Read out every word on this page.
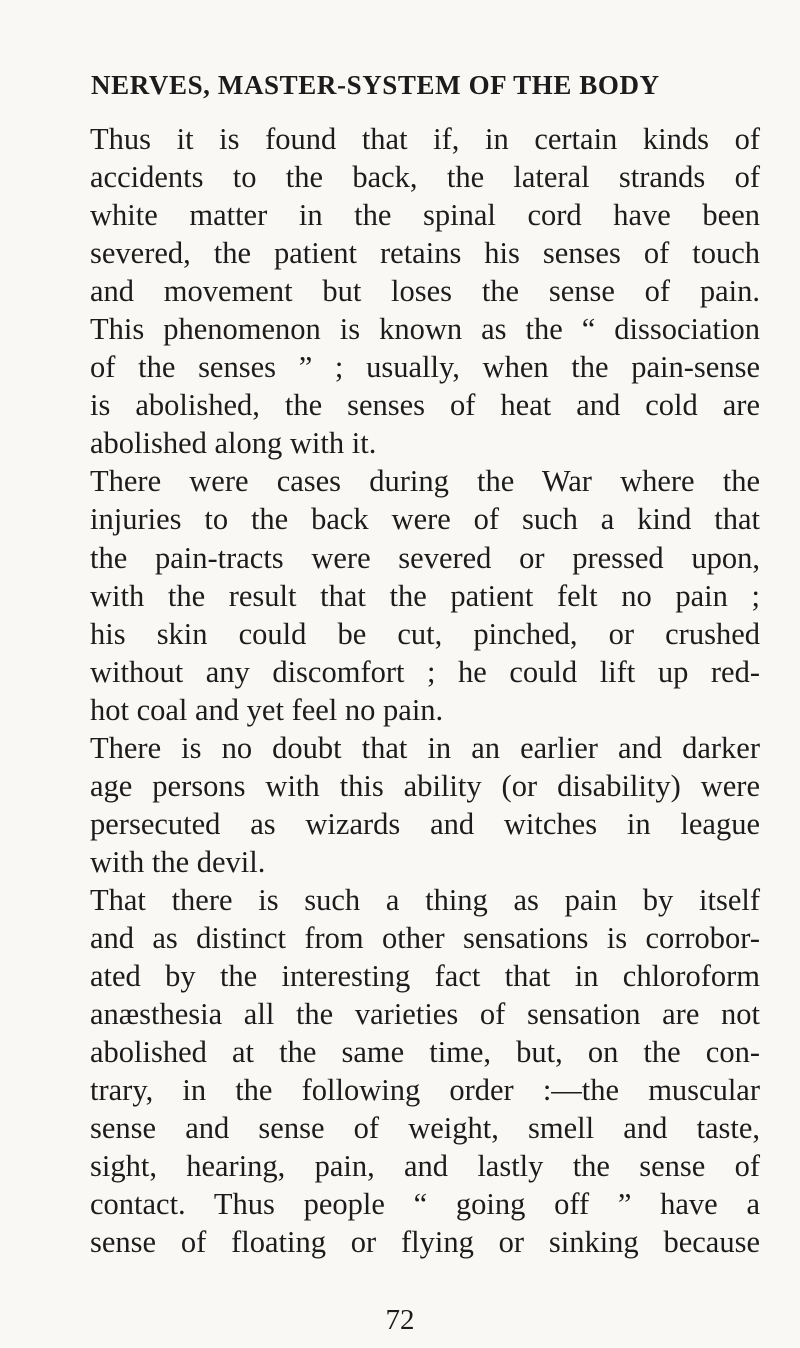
NERVES, MASTER-SYSTEM OF THE BODY
Thus it is found that if, in certain kinds of
accidents to the back, the lateral strands of
white matter in the spinal cord have been
severed, the patient retains his senses of touch
and movement but loses the sense of pain.
This phenomenon is known as the “ dissociation
of the senses ” ; usually, when the pain-sense
is abolished, the senses of heat and cold are
abolished along with it.
There were cases during the War where the
injuries to the back were of such a kind that
the pain-tracts were severed or pressed upon,
with the result that the patient felt no pain ;
his skin could be cut, pinched, or crushed
without any discomfort ; he could lift up red-
hot coal and yet feel no pain.
There is no doubt that in an earlier and darker
age persons with this ability (or disability) were
persecuted as wizards and witches in league
with the devil.
That there is such a thing as pain by itself
and as distinct from other sensations is corrobor-
ated by the interesting fact that in chloroform
anæsthesia all the varieties of sensation are not
abolished at the same time, but, on the con-
trary, in the following order :—the muscular
sense and sense of weight, smell and taste,
sight, hearing, pain, and lastly the sense of
contact. Thus people “ going off ” have a
sense of floating or flying or sinking because
72
